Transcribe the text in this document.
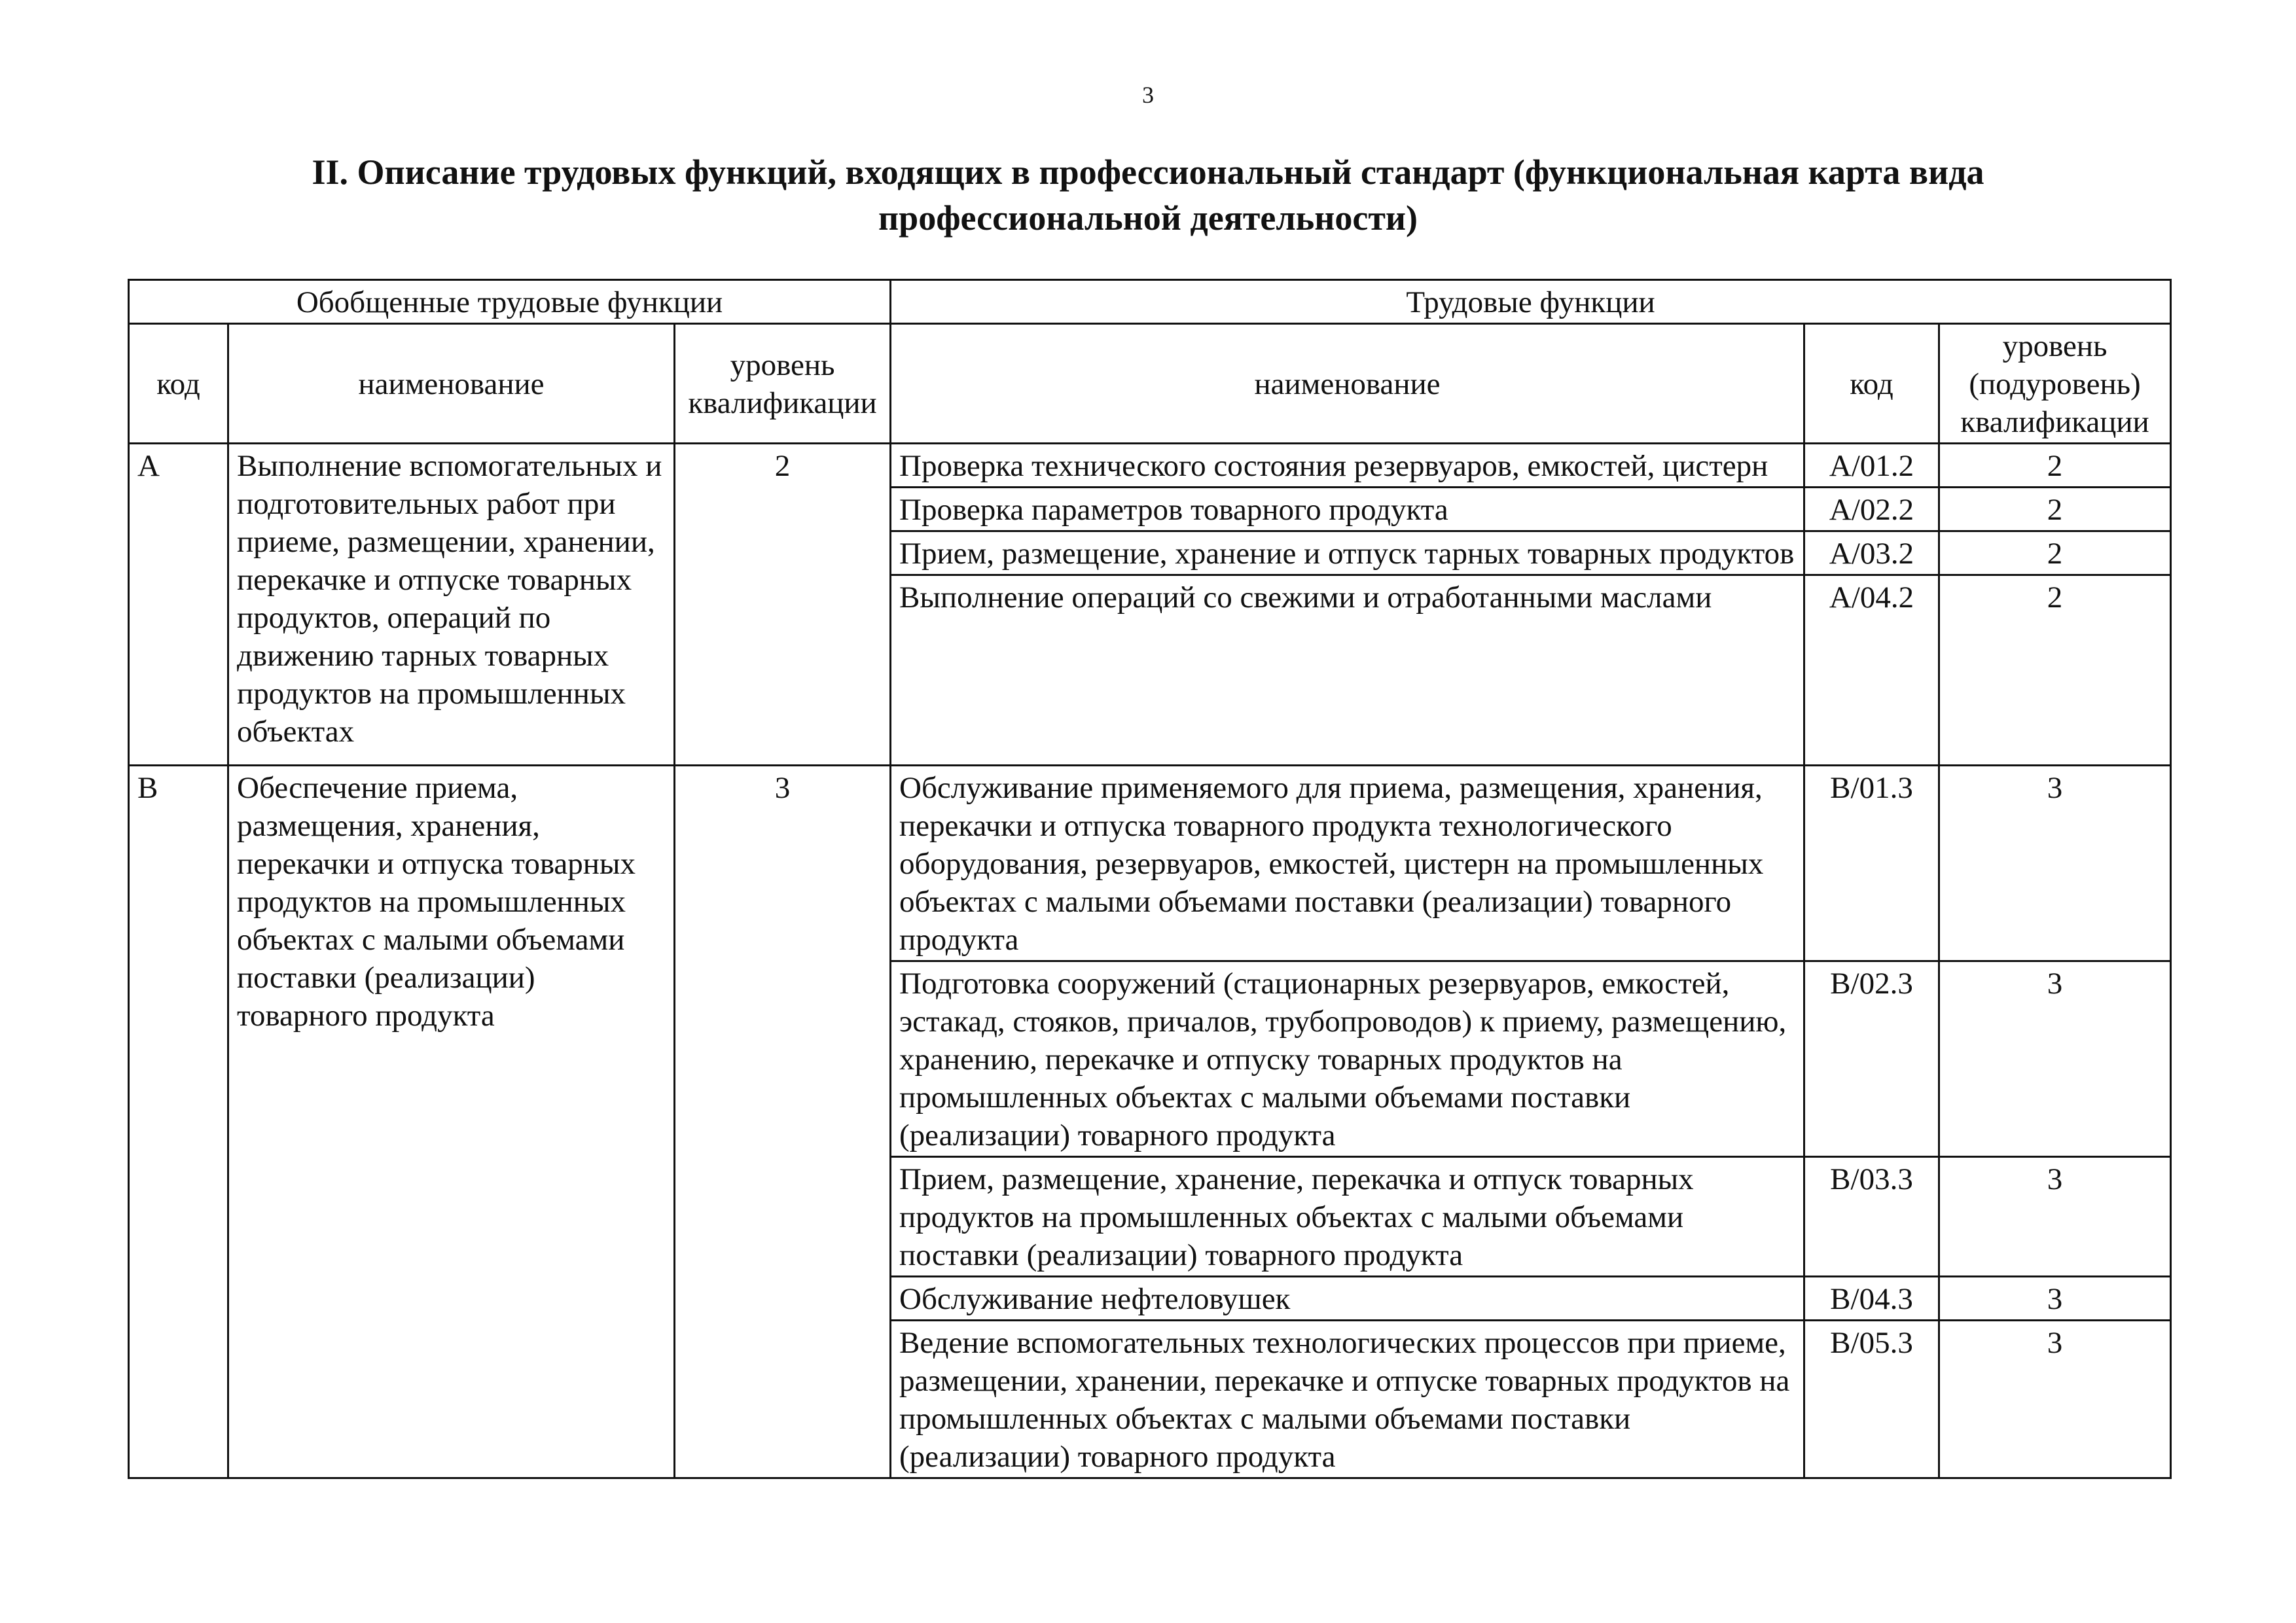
3
II. Описание трудовых функций, входящих в профессиональный стандарт (функциональная карта вида
профессиональной деятельности)
Обобщенные трудовые функции			Трудовые функции		
код	наименование	уровень квалификации	наименование	код	уровень (подуровень) квалификации
А	Выполнение вспомогательных и подготовительных работ при приеме, размещении, хранении, перекачке и отпуске товарных продуктов, операций по движению тарных товарных продуктов на промышленных объектах	2	Проверка технического состояния резервуаров, емкостей, цистерн	А/01.2	2
			Проверка параметров товарного продукта	А/02.2	2
			Прием, размещение, хранение и отпуск тарных товарных продуктов	А/03.2	2
			Выполнение операций со свежими и отработанными маслами	А/04.2	2
В	Обеспечение приема, размещения, хранения, перекачки и отпуска товарных продуктов на промышленных объектах с малыми объемами поставки (реализации) товарного продукта	3	Обслуживание применяемого для приема, размещения, хранения, перекачки и отпуска товарного продукта технологического оборудования, резервуаров, емкостей, цистерн на промышленных объектах с малыми объемами поставки (реализации) товарного продукта	В/01.3	3
			Подготовка сооружений (стационарных резервуаров, емкостей, эстакад, стояков, причалов, трубопроводов) к приему, размещению, хранению, перекачке и отпуску товарных продуктов на промышленных объектах с малыми объемами поставки (реализации) товарного продукта	В/02.3	3
			Прием, размещение, хранение, перекачка и отпуск товарных продуктов на промышленных объектах с малыми объемами поставки (реализации) товарного продукта	В/03.3	3
			Обслуживание нефтеловушек	В/04.3	3
			Ведение вспомогательных технологических процессов при приеме, размещении, хранении, перекачке и отпуске товарных продуктов на промышленных объектах с малыми объемами поставки (реализации) товарного продукта	В/05.3	3
